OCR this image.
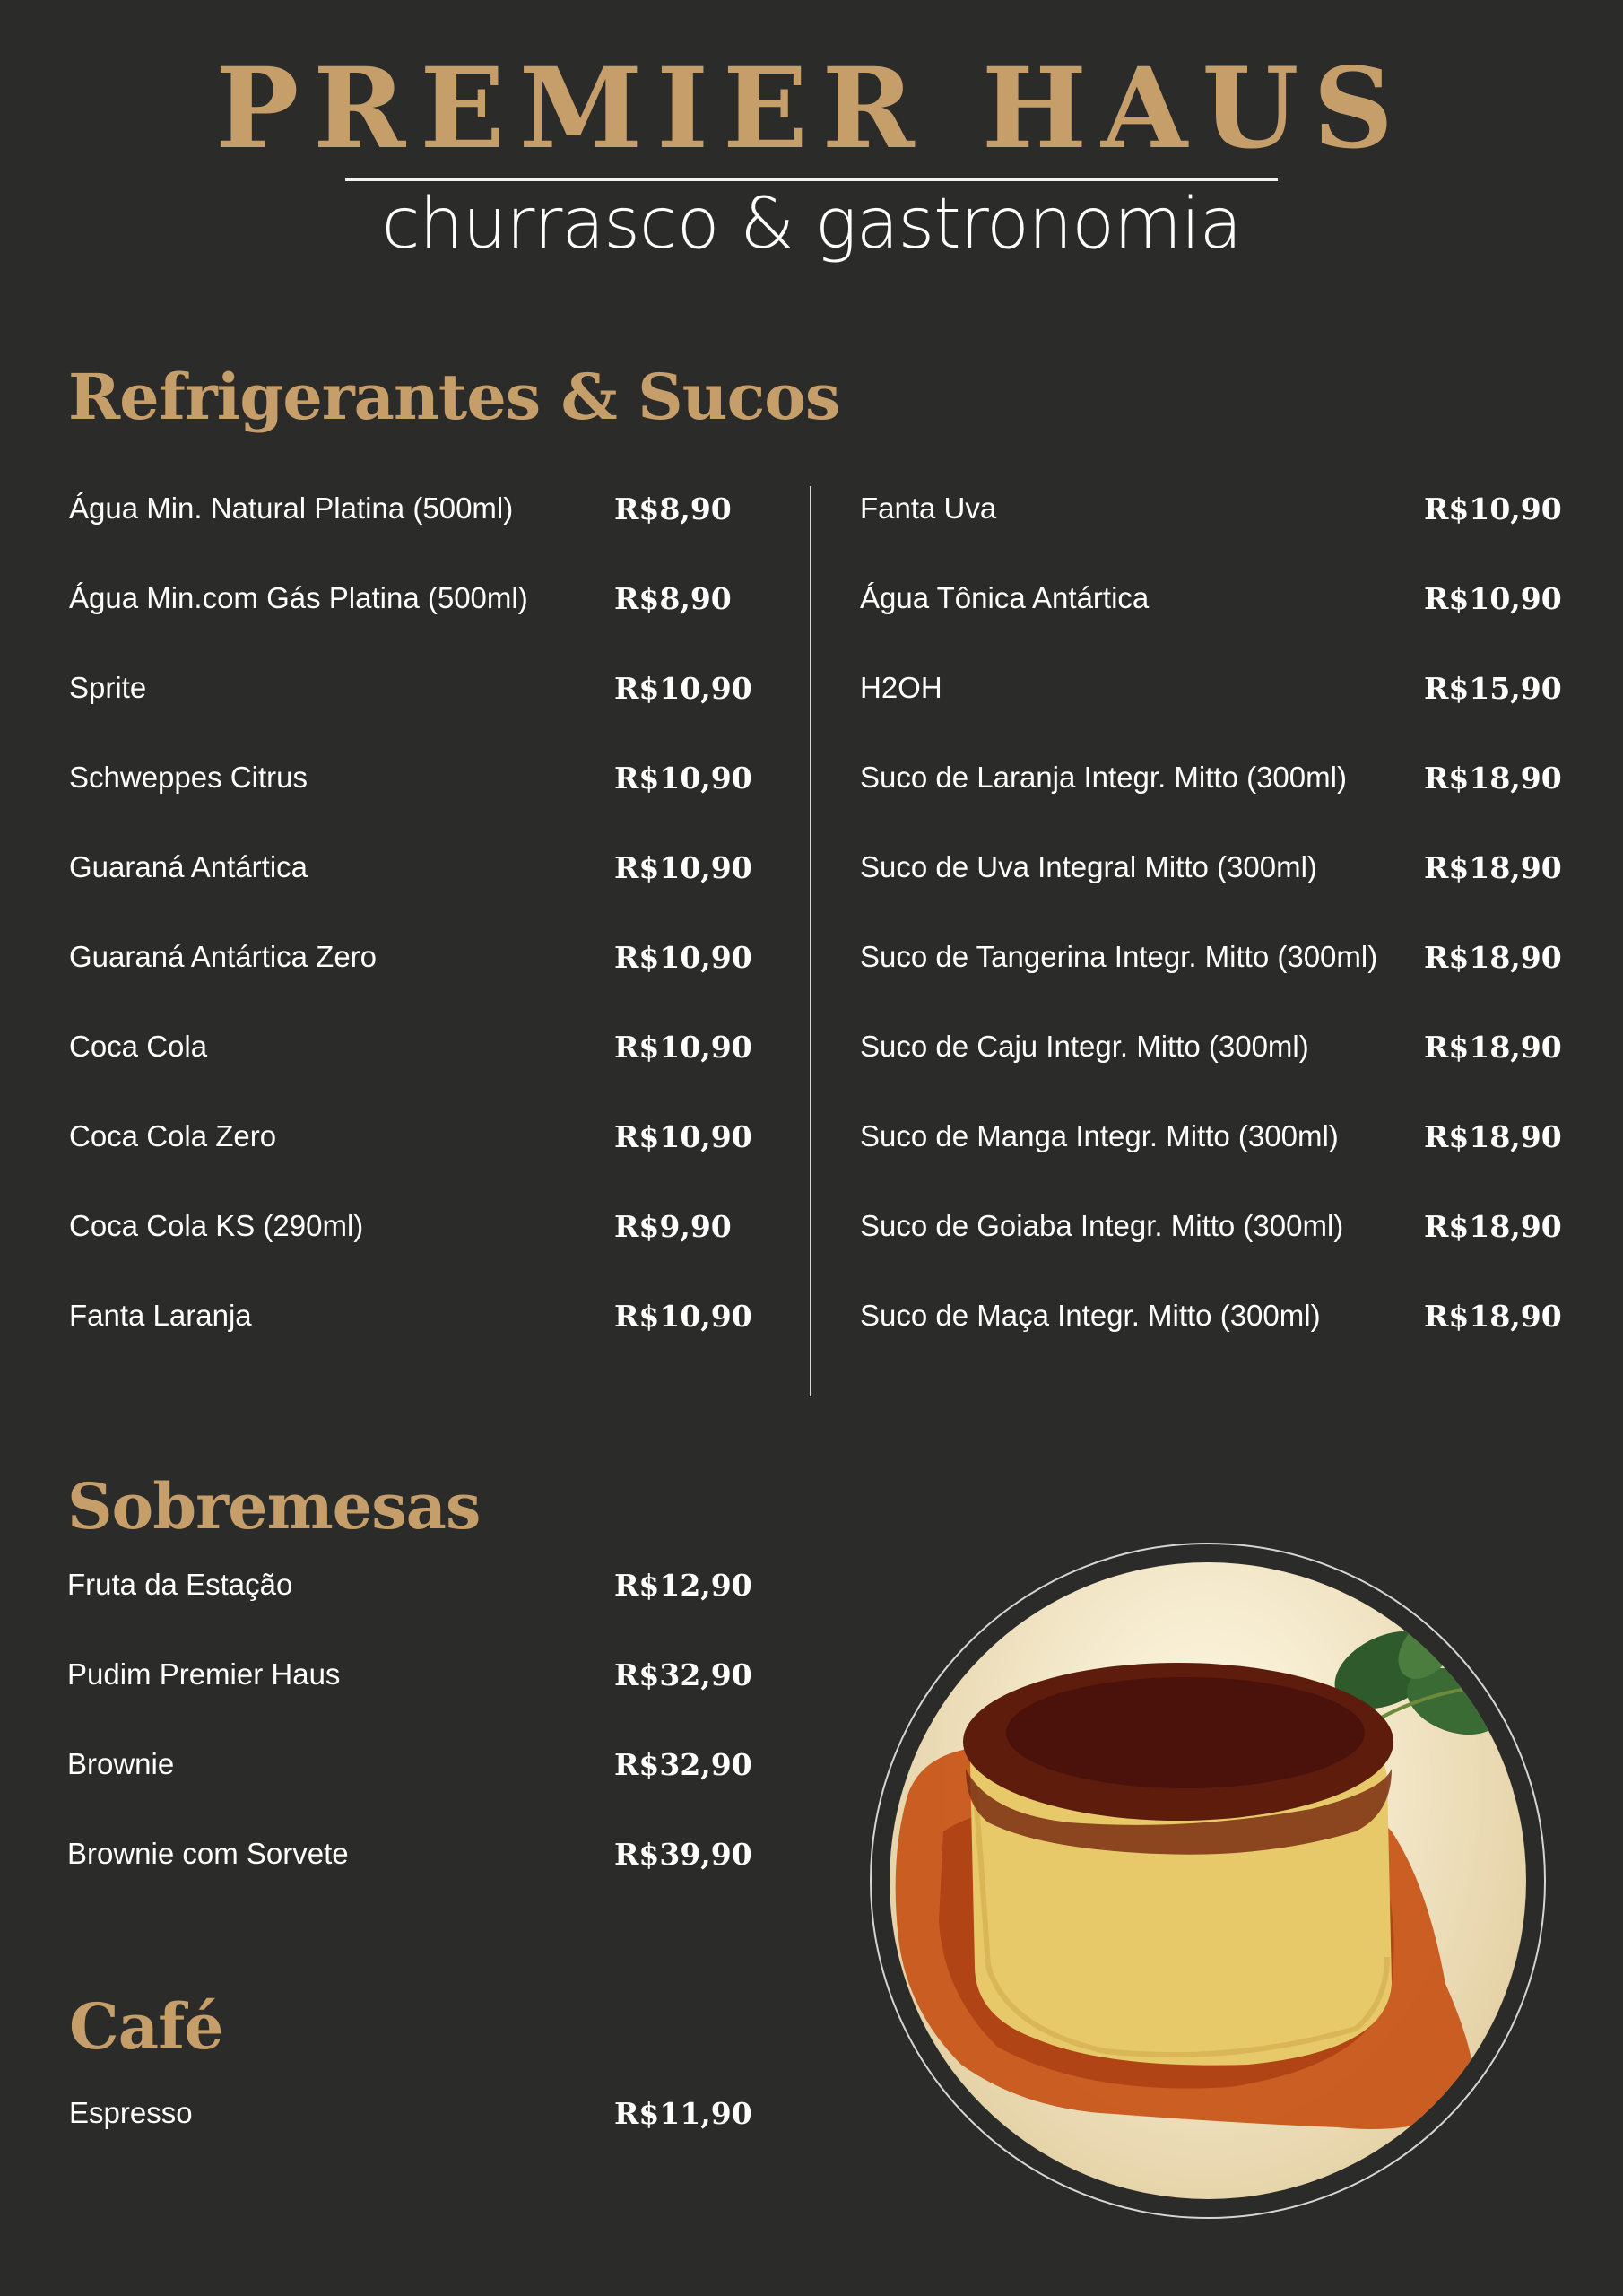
PREMIER HAUS
churrasco & gastronomia
Refrigerantes & Sucos
Água Min. Natural Platina (500ml)	R$8,90
Água Min.com Gás Platina (500ml)	R$8,90
Sprite	R$10,90
Schweppes Citrus	R$10,90
Guaraná Antártica	R$10,90
Guaraná Antártica Zero	R$10,90
Coca Cola	R$10,90
Coca Cola Zero	R$10,90
Coca Cola KS (290ml)	R$9,90
Fanta Laranja	R$10,90
Fanta Uva	R$10,90
Água Tônica Antártica	R$10,90
H2OH	R$15,90
Suco de Laranja Integr. Mitto (300ml)	R$18,90
Suco de Uva Integral Mitto (300ml)	R$18,90
Suco de Tangerina Integr. Mitto (300ml) R$18,90
Suco de Caju Integr. Mitto (300ml)	R$18,90
Suco de Manga Integr. Mitto (300ml)	R$18,90
Suco de Goiaba Integr. Mitto (300ml)	R$18,90
Suco de Maça Integr. Mitto (300ml)	R$18,90
Sobremesas
Fruta da Estação	R$12,90
Pudim Premier Haus	R$32,90
Brownie	R$32,90
Brownie com Sorvete	R$39,90
Café
Espresso	R$11,90
